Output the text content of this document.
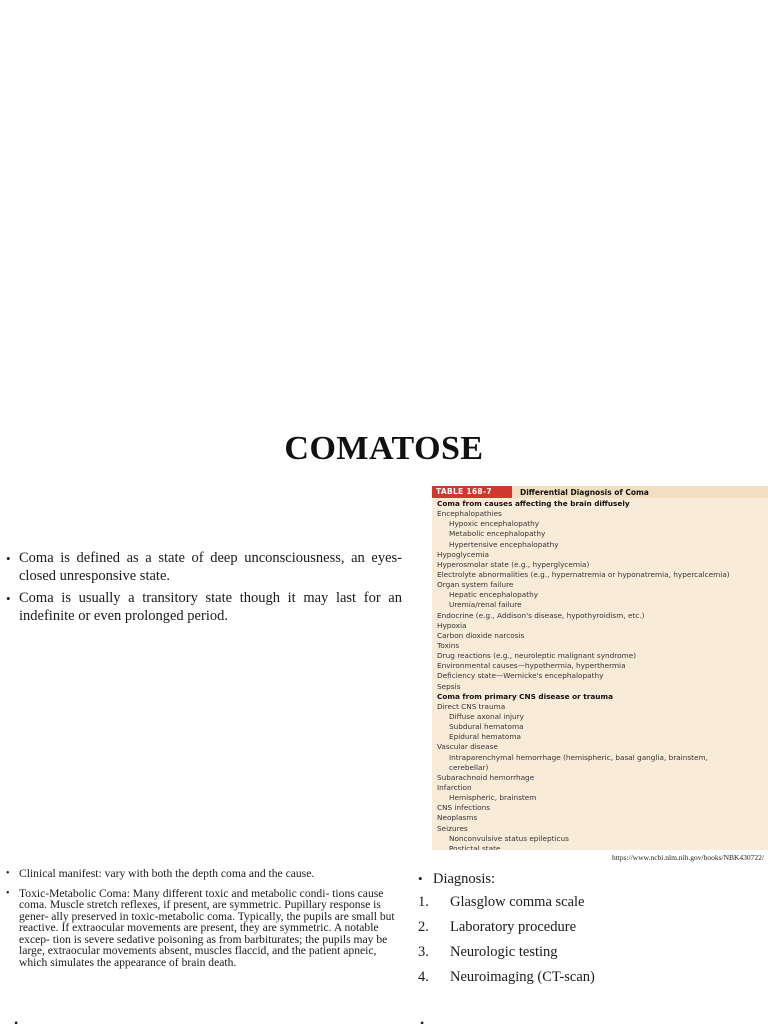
COMATOSE
• Coma is defined as a state of deep unconsciousness, an eyes-closed unresponsive state.
• Coma is usually a transitory state though it may last for an indefinite or even prolonged period.
TABLE 168-7	Differential Diagnosis of Coma
Coma from causes affecting the brain diffusely
Encephalopathies
Hypoxic encephalopathy
Metabolic encephalopathy
Hypertensive encephalopathy
Hypoglycemia
Hyperosmolar state (e.g., hyperglycemia)
Electrolyte abnormalities (e.g., hypernatremia or hyponatremia, hypercalcemia)
Organ system failure
Hepatic encephalopathy
Uremia/renal failure
Endocrine (e.g., Addison's disease, hypothyroidism, etc.)
Hypoxia
Carbon dioxide narcosis
Toxins
Drug reactions (e.g., neuroleptic malignant syndrome)
Environmental causes—hypothermia, hyperthermia
Deficiency state—Wernicke's encephalopathy
Sepsis
Coma from primary CNS disease or trauma
Direct CNS trauma
Diffuse axonal injury
Subdural hematoma
Epidural hematoma
Vascular disease
Intraparenchymal hemorrhage (hemispheric, basal ganglia, brainstem,
cerebellar)
Subarachnoid hemorrhage
Infarction
Hemispheric, brainstem
CNS infections
Neoplasms
Seizures
Nonconvulsive status epilepticus
Postictal state
https://www.ncbi.nlm.nih.gov/books/NBK430722/
• Clinical manifest: vary with both the depth coma and the cause.
• Toxic-Metabolic Coma: Many different toxic and metabolic condi- tions cause coma. Muscle stretch reflexes, if present, are symmetric. Pupillary response is gener- ally preserved in toxic-metabolic coma. Typically, the pupils are small but reactive. If extraocular movements are present, they are symmetric. A notable excep- tion is severe sedative poisoning as from barbiturates; the pupils may be large, extraocular movements absent, muscles flaccid, and the patient apneic, which simulates the appearance of brain death.
• Diagnosis:
1.	Glasglow comma scale
2.	Laboratory procedure
3.	Neurologic testing
4.	Neuroimaging (CT-scan)
•	•
